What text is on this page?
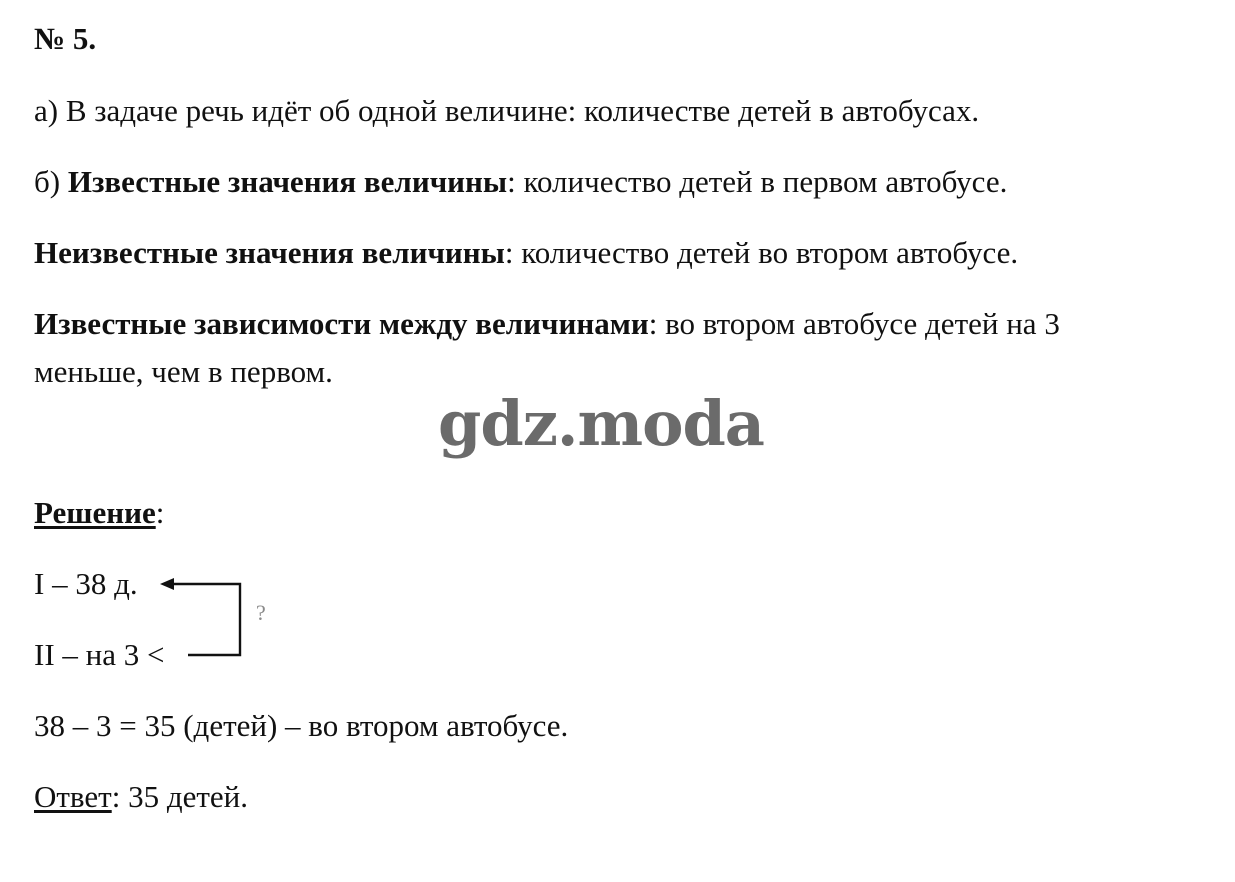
№ 5.
а) В задаче речь идёт об одной величине: количестве детей в автобусах.
б) Известные значения величины: количество детей в первом автобусе.
Неизвестные значения величины: количество детей во втором автобусе.
Известные зависимости между величинами: во втором автобусе детей на 3
меньше, чем в первом.
gdz.moda
Решение:
I – 38 д.
II – на 3 <
?
38 – 3 = 35 (детей) – во втором автобусе.
Ответ: 35 детей.
